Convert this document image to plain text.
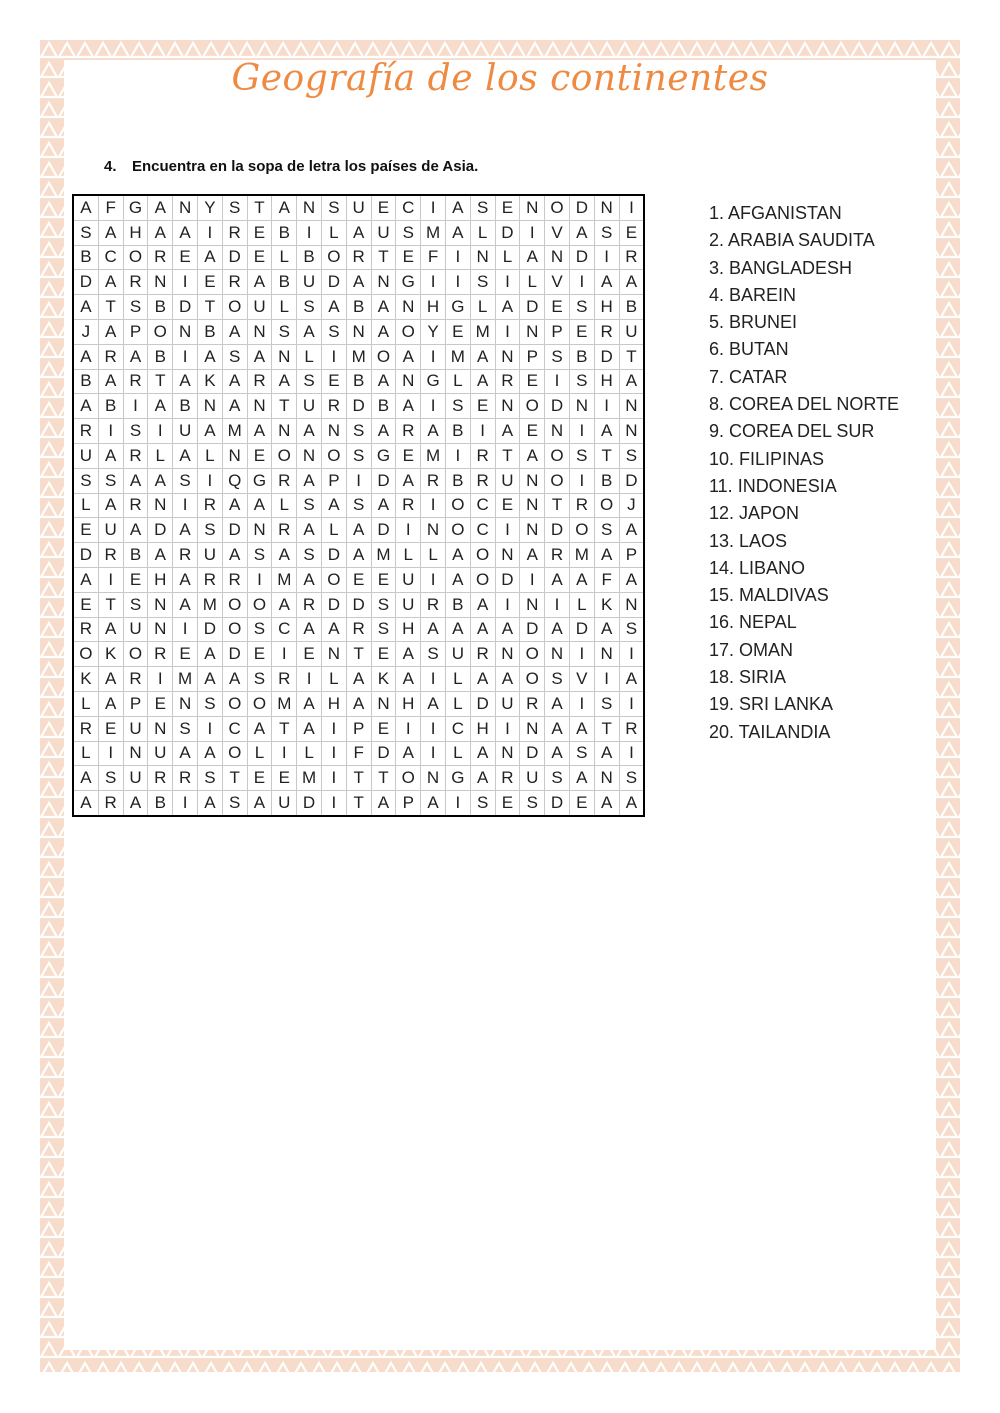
Geografía de los continentes
4. Encuentra en la sopa de letra los países de Asia.
A	F	G	A	N	Y	S	T	A	N	S	U	E	C	I	A	S	E	N	O	D	N	I
S	A	H	A	A	I	R	E	B	I	L	A	U	S	M	A	L	D	I	V	A	S	E
B	C	O	R	E	A	D	E	L	B	O	R	T	E	F	I	N	L	A	N	D	I	R
D	A	R	N	I	E	R	A	B	U	D	A	N	G	I	I	S	I	L	V	I	A	A
A	T	S	B	D	T	O	U	L	S	A	B	A	N	H	G	L	A	D	E	S	H	B
J	A	P	O	N	B	A	N	S	A	S	N	A	O	Y	E	M	I	N	P	E	R	U
A	R	A	B	I	A	S	A	N	L	I	M	O	A	I	M	A	N	P	S	B	D	T
B	A	R	T	A	K	A	R	A	S	E	B	A	N	G	L	A	R	E	I	S	H	A
A	B	I	A	B	N	A	N	T	U	R	D	B	A	I	S	E	N	O	D	N	I	N
R	I	S	I	U	A	M	A	N	A	N	S	A	R	A	B	I	A	E	N	I	A	N
U	A	R	L	A	L	N	E	O	N	O	S	G	E	M	I	R	T	A	O	S	T	S
S	S	A	A	S	I	Q	G	R	A	P	I	D	A	R	B	R	U	N	O	I	B	D
L	A	R	N	I	R	A	A	L	S	A	S	A	R	I	O	C	E	N	T	R	O	J
E	U	A	D	A	S	D	N	R	A	L	A	D	I	N	O	C	I	N	D	O	S	A
D	R	B	A	R	U	A	S	A	S	D	A	M	L	L	A	O	N	A	R	M	A	P
A	I	E	H	A	R	R	I	M	A	O	E	E	U	I	A	O	D	I	A	A	F	A
E	T	S	N	A	M	O	O	A	R	D	D	S	U	R	B	A	I	N	I	L	K	N
R	A	U	N	I	D	O	S	C	A	A	R	S	H	A	A	A	A	D	A	D	A	S
O	K	O	R	E	A	D	E	I	E	N	T	E	A	S	U	R	N	O	N	I	N	I
K	A	R	I	M	A	A	S	R	I	L	A	K	A	I	L	A	A	O	S	V	I	A
L	A	P	E	N	S	O	O	M	A	H	A	N	H	A	L	D	U	R	A	I	S	I
R	E	U	N	S	I	C	A	T	A	I	P	E	I	I	C	H	I	N	A	A	T	R
L	I	N	U	A	A	O	L	I	L	I	F	D	A	I	L	A	N	D	A	S	A	I
A	S	U	R	R	S	T	E	E	M	I	T	T	O	N	G	A	R	U	S	A	N	S
A	R	A	B	I	A	S	A	U	D	I	T	A	P	A	I	S	E	S	D	E	A	A
1. AFGANISTAN
2. ARABIA SAUDITA
3. BANGLADESH
4. BAREIN
5. BRUNEI
6. BUTAN
7. CATAR
8. COREA DEL NORTE
9. COREA DEL SUR
10. FILIPINAS
11. INDONESIA
12. JAPON
13. LAOS
14. LIBANO
15. MALDIVAS
16. NEPAL
17. OMAN
18. SIRIA
19. SRI LANKA
20. TAILANDIA
